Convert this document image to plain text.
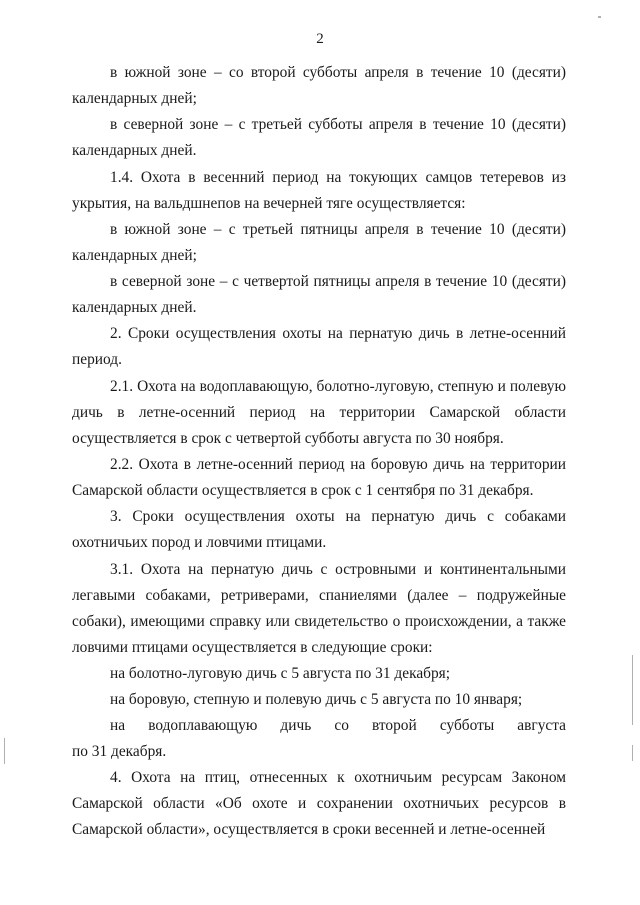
2

в южной зоне – со второй субботы апреля в течение 10 (десяти) календарных дней;

в северной зоне – с третьей субботы апреля в течение 10 (десяти) календарных дней.

1.4. Охота в весенний период на токующих самцов тетеревов из укрытия, на вальдшнепов на вечерней тяге осуществляется:

в южной зоне – с третьей пятницы апреля в течение 10 (десяти) календарных дней;

в северной зоне – с четвертой пятницы апреля в течение 10 (десяти) календарных дней.

2. Сроки осуществления охоты на пернатую дичь в летне-осенний период.

2.1. Охота на водоплавающую, болотно-луговую, степную и полевую дичь в летне-осенний период на территории Самарской области осуществляется в срок с четвертой субботы августа по 30 ноября.

2.2. Охота в летне-осенний период на боровую дичь на территории Самарской области осуществляется в срок с 1 сентября по 31 декабря.

3. Сроки осуществления охоты на пернатую дичь с собаками охотничьих пород и ловчими птицами.

3.1. Охота на пернатую дичь с островными и континентальными легавыми собаками, ретриверами, спаниелями (далее – подружейные собаки), имеющими справку или свидетельство о происхождении, а также ловчими птицами осуществляется в следующие сроки:

на болотно-луговую дичь с 5 августа по 31 декабря;

на боровую, степную и полевую дичь с 5 августа по 10 января;

на водоплавающую дичь со второй субботы августа
по 31 декабря.

4. Охота на птиц, отнесенных к охотничьим ресурсам Законом Самарской области «Об охоте и сохранении охотничьих ресурсов в Самарской области», осуществляется в сроки весенней и летне-осенней
